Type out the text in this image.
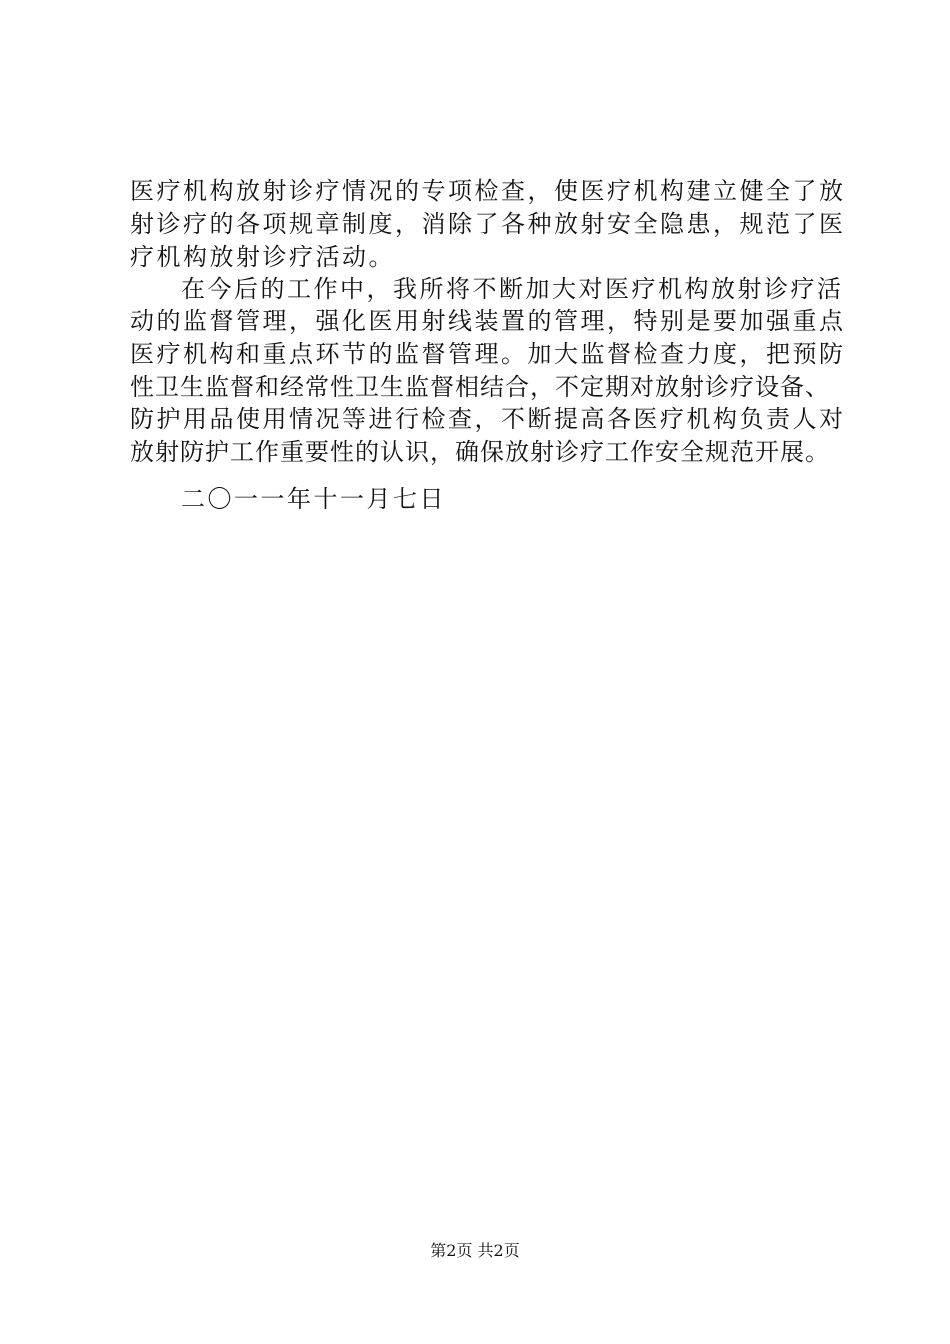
医疗机构放射诊疗情况的专项检查，使医疗机构建立健全了放
射诊疗的各项规章制度，消除了各种放射安全隐患，规范了医
疗机构放射诊疗活动。
在今后的工作中，我所将不断加大对医疗机构放射诊疗活
动的监督管理，强化医用射线装置的管理，特别是要加强重点
医疗机构和重点环节的监督管理。加大监督检查力度，把预防
性卫生监督和经常性卫生监督相结合，不定期对放射诊疗设备、
防护用品使用情况等进行检查，不断提高各医疗机构负责人对
放射防护工作重要性的认识，确保放射诊疗工作安全规范开展。
二〇一一年十一月七日
第2页 共2页
